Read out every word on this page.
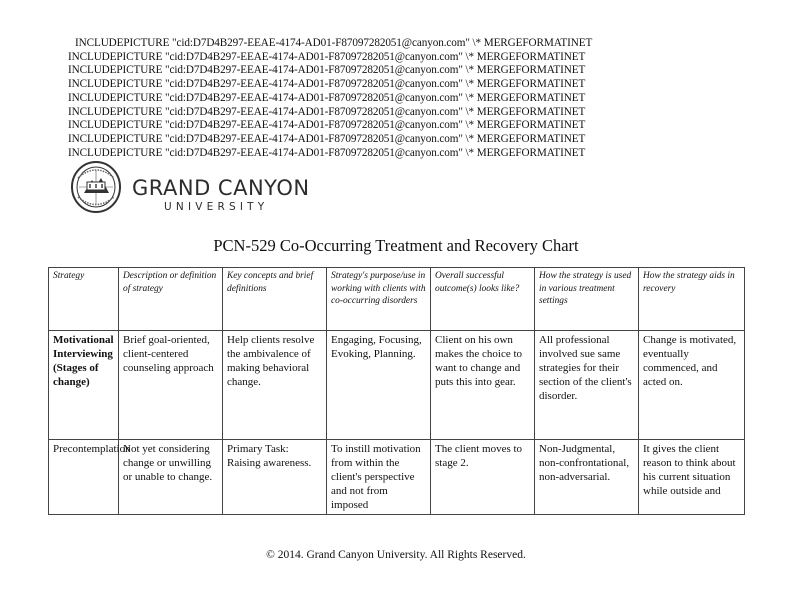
INCLUDEPICTURE "cid:D7D4B297-EEAE-4174-AD01-F87097282051@canyon.com" \* MERGEFORMATINET
INCLUDEPICTURE "cid:D7D4B297-EEAE-4174-AD01-F87097282051@canyon.com" \* MERGEFORMATINET
INCLUDEPICTURE "cid:D7D4B297-EEAE-4174-AD01-F87097282051@canyon.com" \* MERGEFORMATINET
INCLUDEPICTURE "cid:D7D4B297-EEAE-4174-AD01-F87097282051@canyon.com" \* MERGEFORMATINET
INCLUDEPICTURE "cid:D7D4B297-EEAE-4174-AD01-F87097282051@canyon.com" \* MERGEFORMATINET
INCLUDEPICTURE "cid:D7D4B297-EEAE-4174-AD01-F87097282051@canyon.com" \* MERGEFORMATINET
INCLUDEPICTURE "cid:D7D4B297-EEAE-4174-AD01-F87097282051@canyon.com" \* MERGEFORMATINET
INCLUDEPICTURE "cid:D7D4B297-EEAE-4174-AD01-F87097282051@canyon.com" \* MERGEFORMATINET
INCLUDEPICTURE "cid:D7D4B297-EEAE-4174-AD01-F87097282051@canyon.com" \* MERGEFORMATINET
GRAND CANYON
UNIVERSITY
PCN-529 Co-Occurring Treatment and Recovery Chart
Strategy	Description or definition of strategy	Key concepts and brief definitions	Strategy's purpose/use in working with clients with co-occurring disorders	Overall successful outcome(s) looks like?	How the strategy is used in various treatment settings	How the strategy aids in recovery
Motivational Interviewing (Stages of change)	Brief goal-oriented, client-centered counseling approach	Help clients resolve the ambivalence of making behavioral change.	Engaging, Focusing, Evoking, Planning.	Client on his own makes the choice to want to change and puts this into gear.	All professional involved sue same strategies for their section of the client's disorder.	Change is motivated, eventually commenced, and acted on.
Precontemplation	Not yet considering change or unwilling or unable to change.	Primary Task: Raising awareness.	To instill motivation from within the client's perspective and not from imposed	The client moves to stage 2.	Non-Judgmental, non-confrontational, non-adversarial.	It gives the client reason to think about his current situation while outside and
© 2014. Grand Canyon University. All Rights Reserved.
